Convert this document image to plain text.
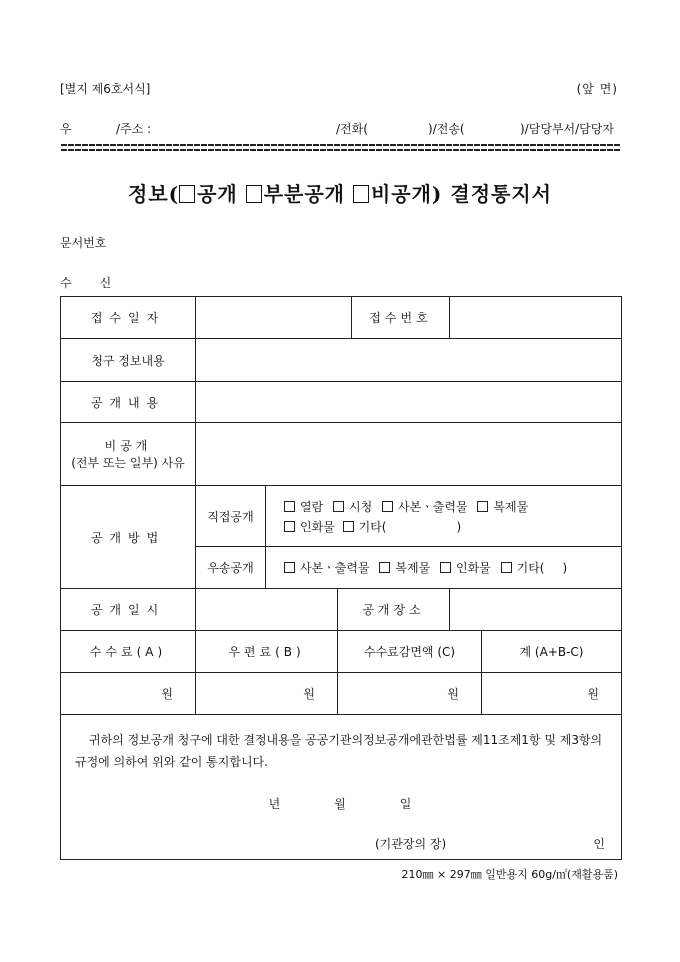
[별지 제6호서식]	(앞 면)
우	/주소 :	/전화(	)/전송(	)/담당부서/담당자
정보( 공개 부분공개 비공개) 결정통지서
문서번호
수 신
접수일자				접수번호		
청구 정보내용						
공개내용						

비공개
(전부 또는 일부) 사유						

공개방법	직접공개	열람 시청 사본ㆍ출력물 복제물
인화물 기타( )				

	우송공개	사본ㆍ출력물 복제물 인화물 기타( )				
공개일시			공개장소			
수수료(A)	우편료(B)		수수료감면액 (C)			계 (A+B-C)
원	원		원			원

귀하의 정보공개 청구에 대한 결정내용을 공공기관의정보공개에관한법률 제11조제1항 및 제3항의 규정에 의하여 위와 같이 통지합니다.

년 월 일
(기관장의 장) 인						
210㎜ × 297㎜ 일반용지 60g/㎡(재활용품)
